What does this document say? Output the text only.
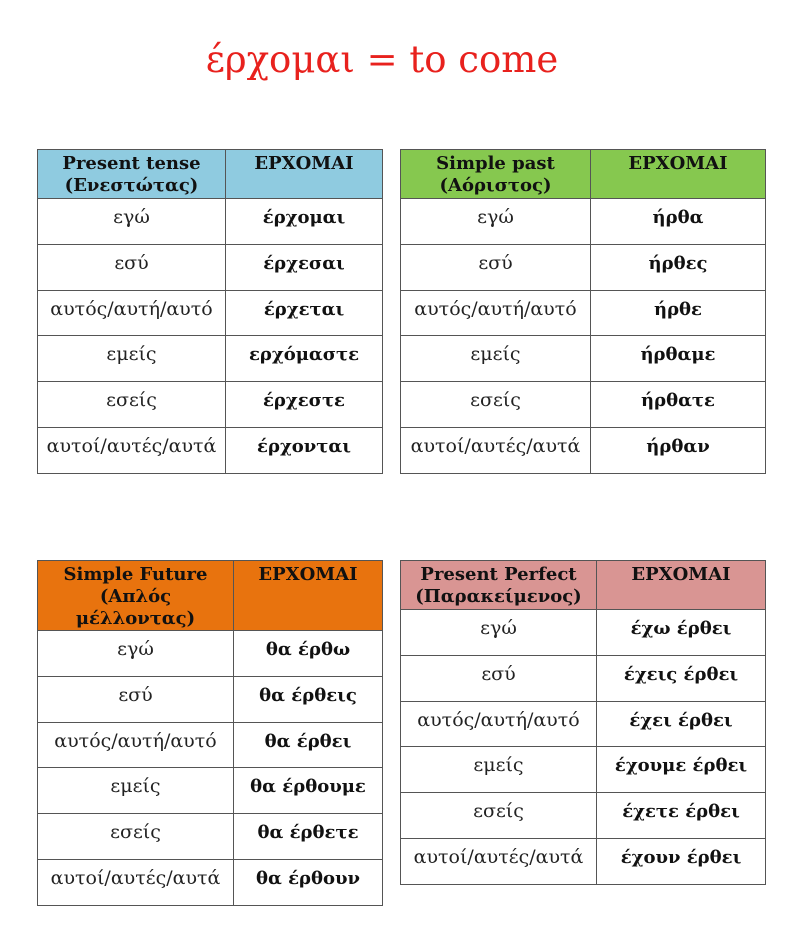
έρχομαι = to come
Present tense
(Ενεστώτας)	ΕΡΧΟΜΑΙ
εγώ	έρχομαι
εσύ	έρχεσαι
αυτός/αυτή/αυτό	έρχεται
εμείς	ερχόμαστε
εσείς	έρχεστε
αυτοί/αυτές/αυτά	έρχονται
Simple past
(Αόριστος)	ΕΡΧΟΜΑΙ
εγώ	ήρθα
εσύ	ήρθες
αυτός/αυτή/αυτό	ήρθε
εμείς	ήρθαμε
εσείς	ήρθατε
αυτοί/αυτές/αυτά	ήρθαν
Simple Future
(Απλός μέλλοντας)	ΕΡΧΟΜΑΙ
εγώ	θα έρθω
εσύ	θα έρθεις
αυτός/αυτή/αυτό	θα έρθει
εμείς	θα έρθουμε
εσείς	θα έρθετε
αυτοί/αυτές/αυτά	θα έρθουν
Present Perfect
(Παρακείμενος)	ΕΡΧΟΜΑΙ
εγώ	έχω έρθει
εσύ	έχεις έρθει
αυτός/αυτή/αυτό	έχει έρθει
εμείς	έχουμε έρθει
εσείς	έχετε έρθει
αυτοί/αυτές/αυτά	έχουν έρθει
